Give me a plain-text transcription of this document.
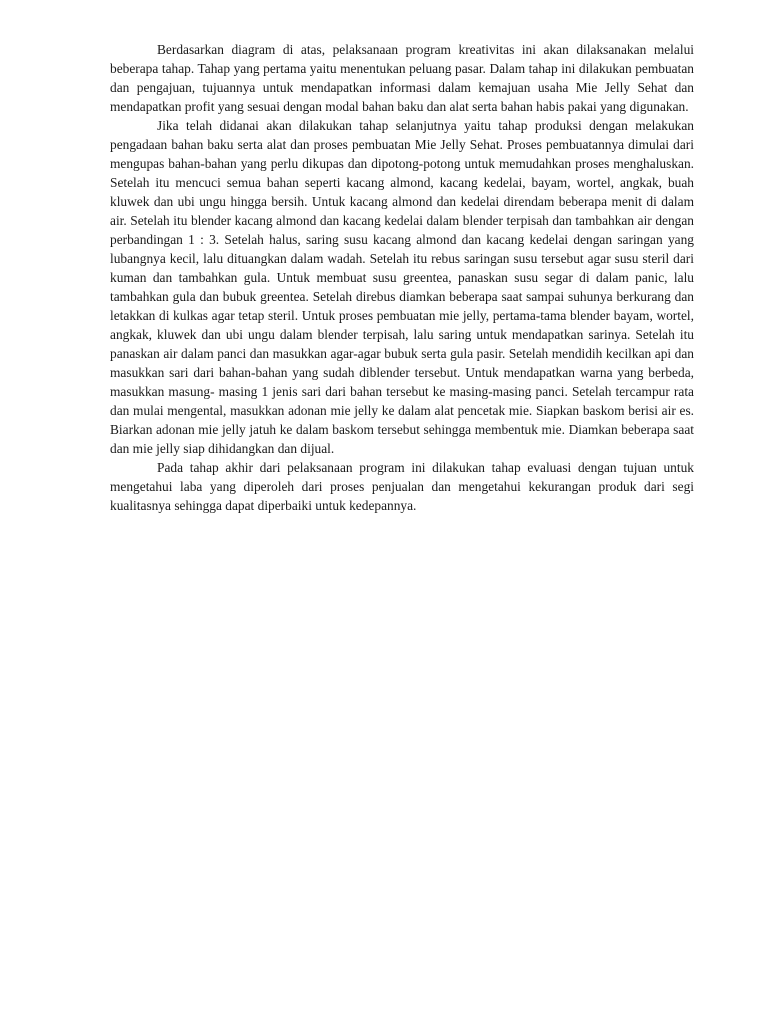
Berdasarkan diagram di atas, pelaksanaan program kreativitas ini akan dilaksanakan melalui beberapa tahap. Tahap yang pertama yaitu menentukan peluang pasar. Dalam tahap ini dilakukan pembuatan dan pengajuan, tujuannya untuk mendapatkan informasi dalam kemajuan usaha Mie Jelly Sehat dan mendapatkan profit yang sesuai dengan modal bahan baku dan alat serta bahan habis pakai yang digunakan.

Jika telah didanai akan dilakukan tahap selanjutnya yaitu tahap produksi dengan melakukan pengadaan bahan baku serta alat dan proses pembuatan Mie Jelly Sehat. Proses pembuatannya dimulai dari mengupas bahan-bahan yang perlu dikupas dan dipotong-potong untuk memudahkan proses menghaluskan. Setelah itu mencuci semua bahan seperti kacang almond, kacang kedelai, bayam, wortel, angkak, buah kluwek dan ubi ungu hingga bersih. Untuk kacang almond dan kedelai direndam beberapa menit di dalam air. Setelah itu blender kacang almond dan kacang kedelai dalam blender terpisah dan tambahkan air dengan perbandingan 1 : 3. Setelah halus, saring susu kacang almond dan kacang kedelai dengan saringan yang lubangnya kecil, lalu dituangkan dalam wadah. Setelah itu rebus saringan susu tersebut agar susu steril dari kuman dan tambahkan gula. Untuk membuat susu greentea, panaskan susu segar di dalam panic, lalu tambahkan gula dan bubuk greentea. Setelah direbus diamkan beberapa saat sampai suhunya berkurang dan letakkan di kulkas agar tetap steril. Untuk proses pembuatan mie jelly, pertama-tama blender bayam, wortel, angkak, kluwek dan ubi ungu dalam blender terpisah, lalu saring untuk mendapatkan sarinya. Setelah itu panaskan air dalam panci dan masukkan agar-agar bubuk serta gula pasir. Setelah mendidih kecilkan api dan masukkan sari dari bahan-bahan yang sudah diblender tersebut. Untuk mendapatkan warna yang berbeda, masukkan masung- masing 1 jenis sari dari bahan tersebut ke masing-masing panci. Setelah tercampur rata dan mulai mengental, masukkan adonan mie jelly ke dalam alat pencetak mie. Siapkan baskom berisi air es. Biarkan adonan mie jelly jatuh ke dalam baskom tersebut sehingga membentuk mie. Diamkan beberapa saat dan mie jelly siap dihidangkan dan dijual.

Pada tahap akhir dari pelaksanaan program ini dilakukan tahap evaluasi dengan tujuan untuk mengetahui laba yang diperoleh dari proses penjualan dan mengetahui kekurangan produk dari segi kualitasnya sehingga dapat diperbaiki untuk kedepannya.
